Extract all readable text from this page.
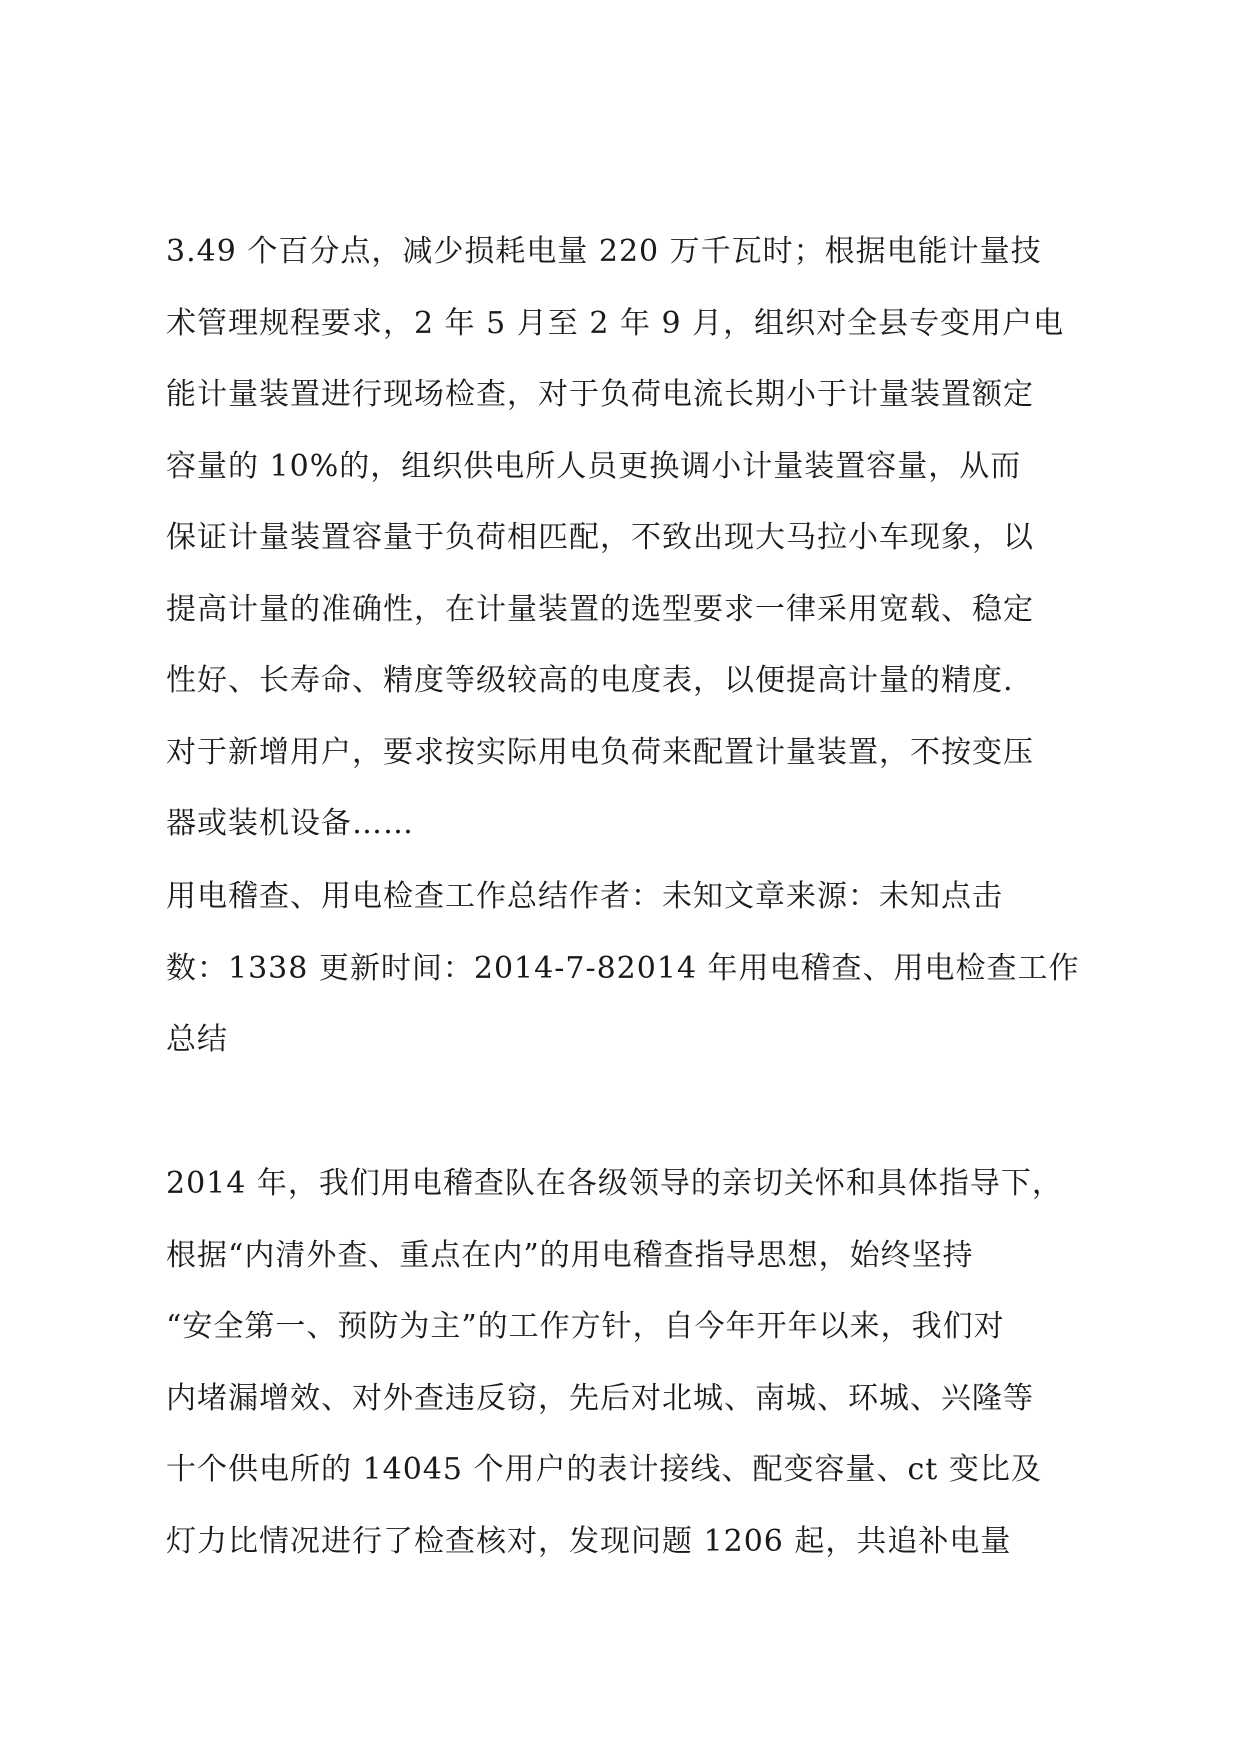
3.49 个百分点，减少损耗电量 220 万千瓦时；根据电能计量技
术管理规程要求，2 年 5 月至 2 年 9 月，组织对全县专变用户电
能计量装置进行现场检查，对于负荷电流长期小于计量装置额定
容量的 10%的，组织供电所人员更换调小计量装置容量，从而
保证计量装置容量于负荷相匹配，不致出现大马拉小车现象，以
提高计量的准确性，在计量装置的选型要求一律采用宽载、稳定
性好、长寿命、精度等级较高的电度表，以便提高计量的精度.
对于新增用户，要求按实际用电负荷来配置计量装置，不按变压
器或装机设备……
用电稽查、用电检查工作总结作者：未知文章来源：未知点击
数：1338 更新时间：2014-7-82014 年用电稽查、用电检查工作
总结
2014 年，我们用电稽查队在各级领导的亲切关怀和具体指导下，
根据“内清外查、重点在内”的用电稽查指导思想，始终坚持
“安全第一、预防为主”的工作方针，自今年开年以来，我们对
内堵漏增效、对外查违反窃，先后对北城、南城、环城、兴隆等
十个供电所的 14045 个用户的表计接线、配变容量、ct 变比及
灯力比情况进行了检查核对，发现问题 1206 起，共追补电量
